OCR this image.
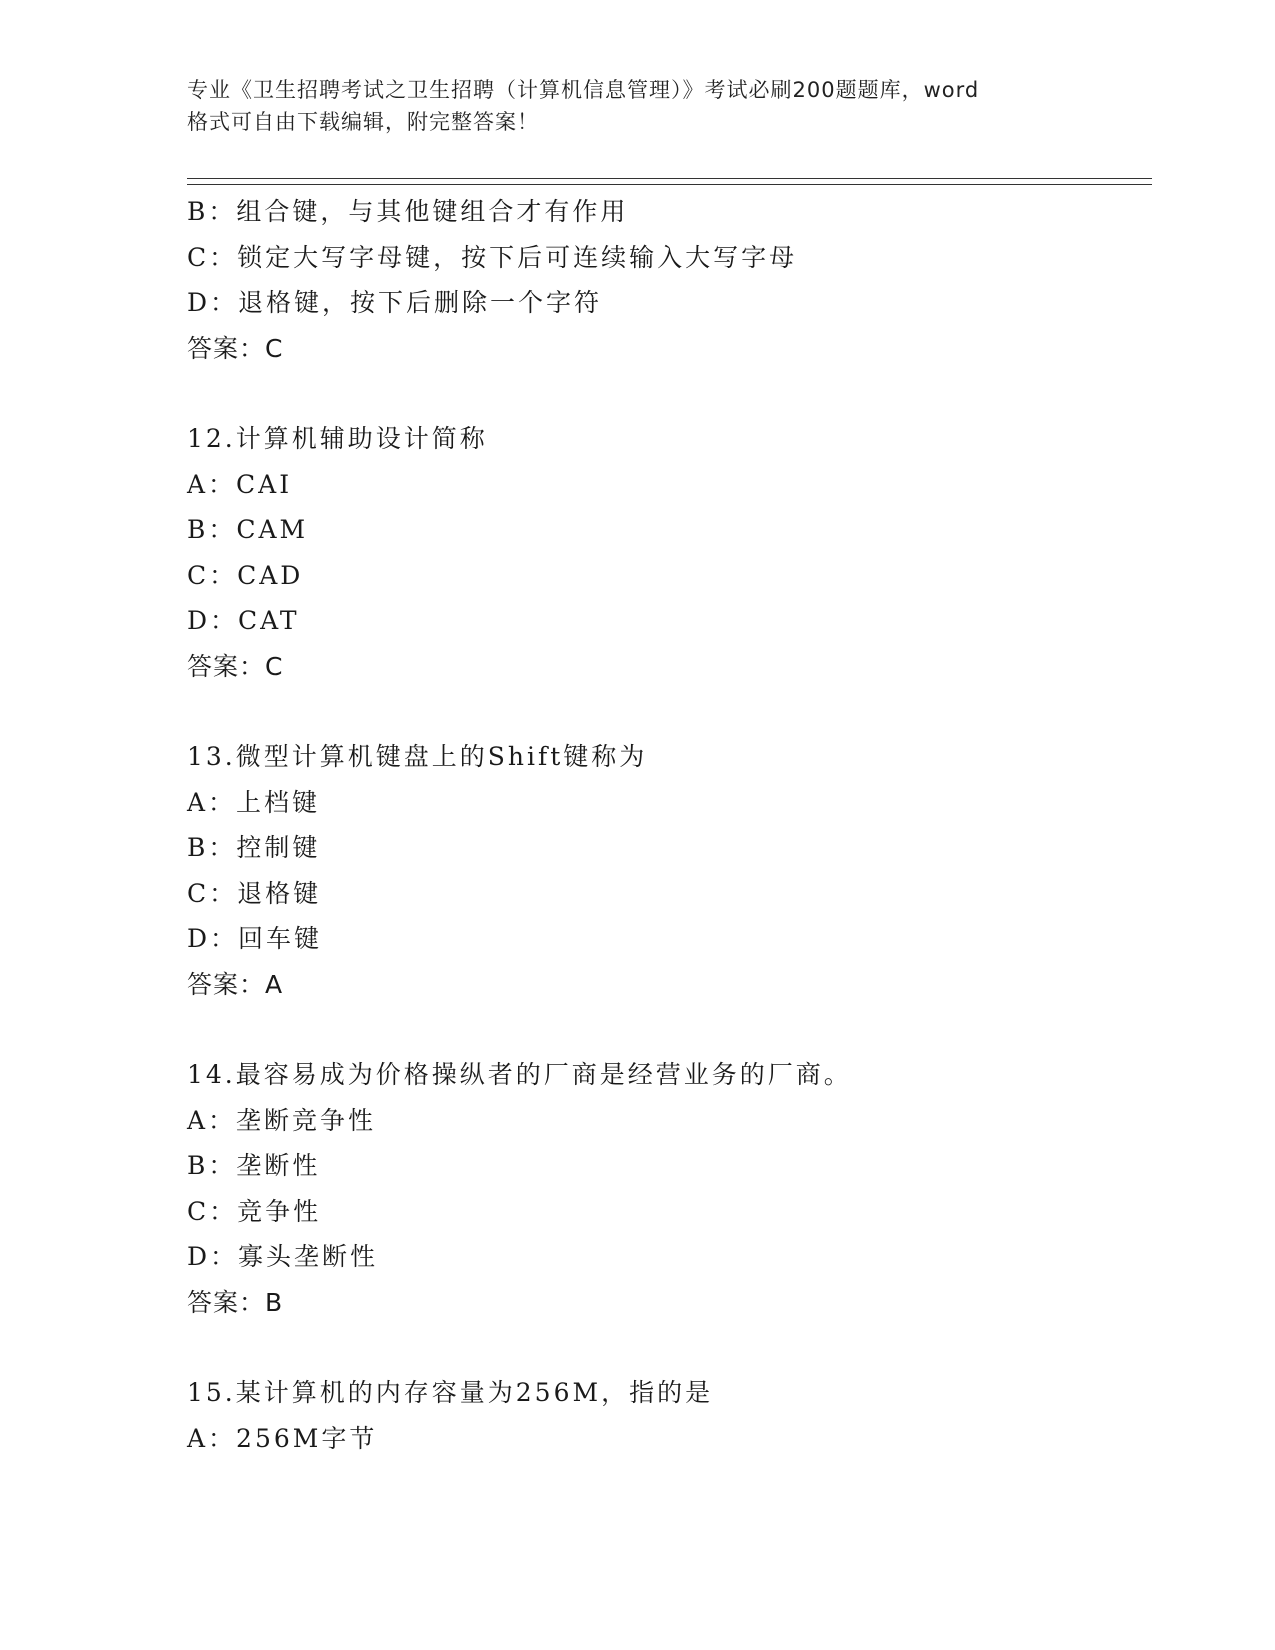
专业《卫生招聘考试之卫生招聘（计算机信息管理）》考试必刷200题题库，word
格式可自由下载编辑，附完整答案！
B：组合键，与其他键组合才有作用
C：锁定大写字母键，按下后可连续输入大写字母
D：退格键，按下后删除一个字符
答案：C
12.计算机辅助设计简称
A：CAI
B：CAM
C：CAD
D：CAT
答案：C
13.微型计算机键盘上的Shift键称为
A：上档键
B：控制键
C：退格键
D：回车键
答案：A
14.最容易成为价格操纵者的厂商是经营业务的厂商。
A：垄断竞争性
B：垄断性
C：竞争性
D：寡头垄断性
答案：B
15.某计算机的内存容量为256M，指的是
A：256M字节
